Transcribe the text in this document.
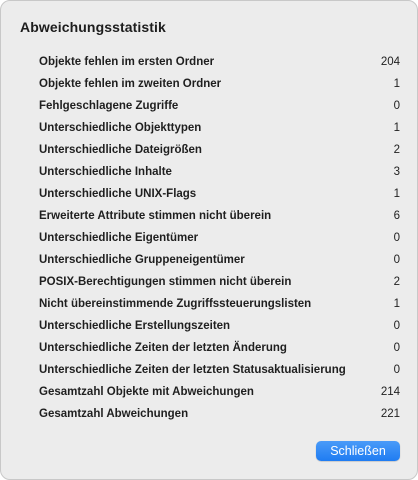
Abweichungsstatistik
Objekte fehlen im ersten Ordner	204
Objekte fehlen im zweiten Ordner	1
Fehlgeschlagene Zugriffe	0
Unterschiedliche Objekttypen	1
Unterschiedliche Dateigrößen	2
Unterschiedliche Inhalte	3
Unterschiedliche UNIX-Flags	1
Erweiterte Attribute stimmen nicht überein	6
Unterschiedliche Eigentümer	0
Unterschiedliche Gruppeneigentümer	0
POSIX-Berechtigungen stimmen nicht überein	2
Nicht übereinstimmende Zugriffssteuerungslisten	1
Unterschiedliche Erstellungszeiten	0
Unterschiedliche Zeiten der letzten Änderung	0
Unterschiedliche Zeiten der letzten Statusaktualisierung	0
Gesamtzahl Objekte mit Abweichungen	214
Gesamtzahl Abweichungen	221
Schließen
